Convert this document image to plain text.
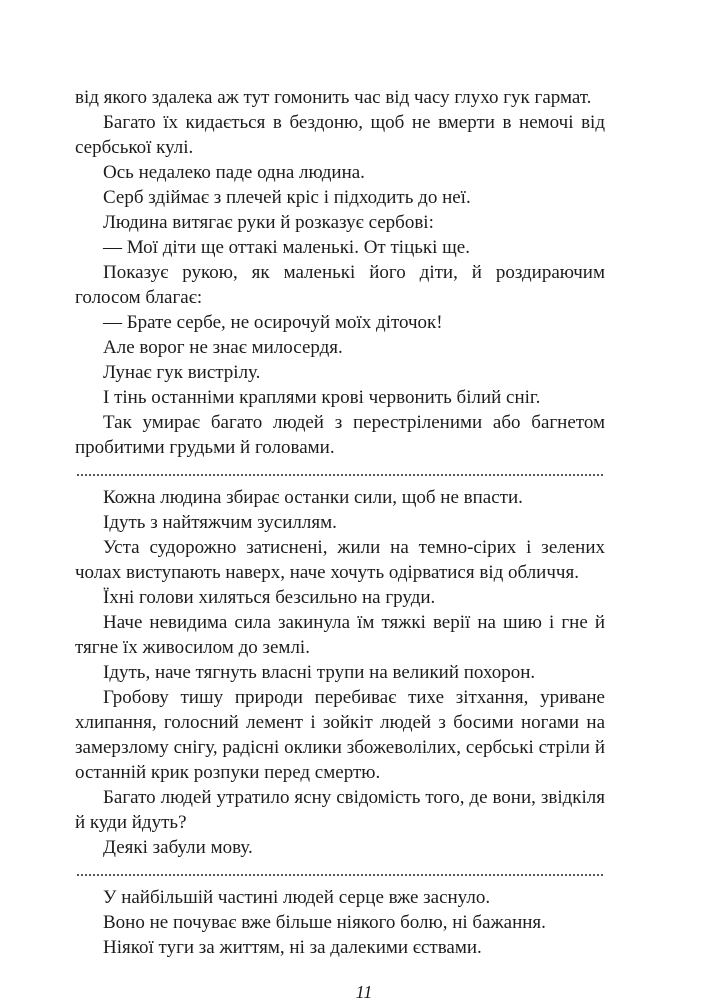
від якого здалека аж тут гомонить час від часу глухо гук гармат.

Багато їх кидається в бездоню, щоб не вмерти в немочі від сербської кулі.

Ось недалеко паде одна людина.

Серб здіймає з плечей кріс і підходить до неї.

Людина витягає руки й розказує сербові:

— Мої діти ще оттакі маленькі. От тіцькі ще.

Показує рукою, як маленькі його діти, й роздираючим голосом благає:

— Брате сербе, не осирочуй моїх діточок!

Але ворог не знає милосердя.

Лунає гук вистрілу.

І тінь останніми краплями крові червонить білий сніг.

Так умирає багато людей з перестріленими або багнетом пробитими грудьми й головами.

Кожна людина збирає останки сили, щоб не впасти.

Ідуть з найтяжчим зусиллям.

Уста судорожно затиснені, жили на темно-сірих і зелених чолах виступають наверх, наче хочуть одірватися від обличчя.

Їхні голови хиляться безсильно на груди.

Наче невидима сила закинула їм тяжкі верії на шию і гне й тягне їх живосилом до землі.

Ідуть, наче тягнуть власні трупи на великий похорон.

Гробову тишу природи перебиває тихе зітхання, уриване хлипання, голосний лемент і зойкіт людей з босими ногами на замерзлому снігу, радісні оклики збожеволілих, сербські стріли й останній крик розпуки перед смертю.

Багато людей утратило ясну свідомість того, де вони, звідкіля й куди йдуть?

Деякі забули мову.

У найбільшій частині людей серце вже заснуло.

Воно не почуває вже більше ніякого болю, ні бажання.

Ніякої туги за життям, ні за далекими єствами.

11
